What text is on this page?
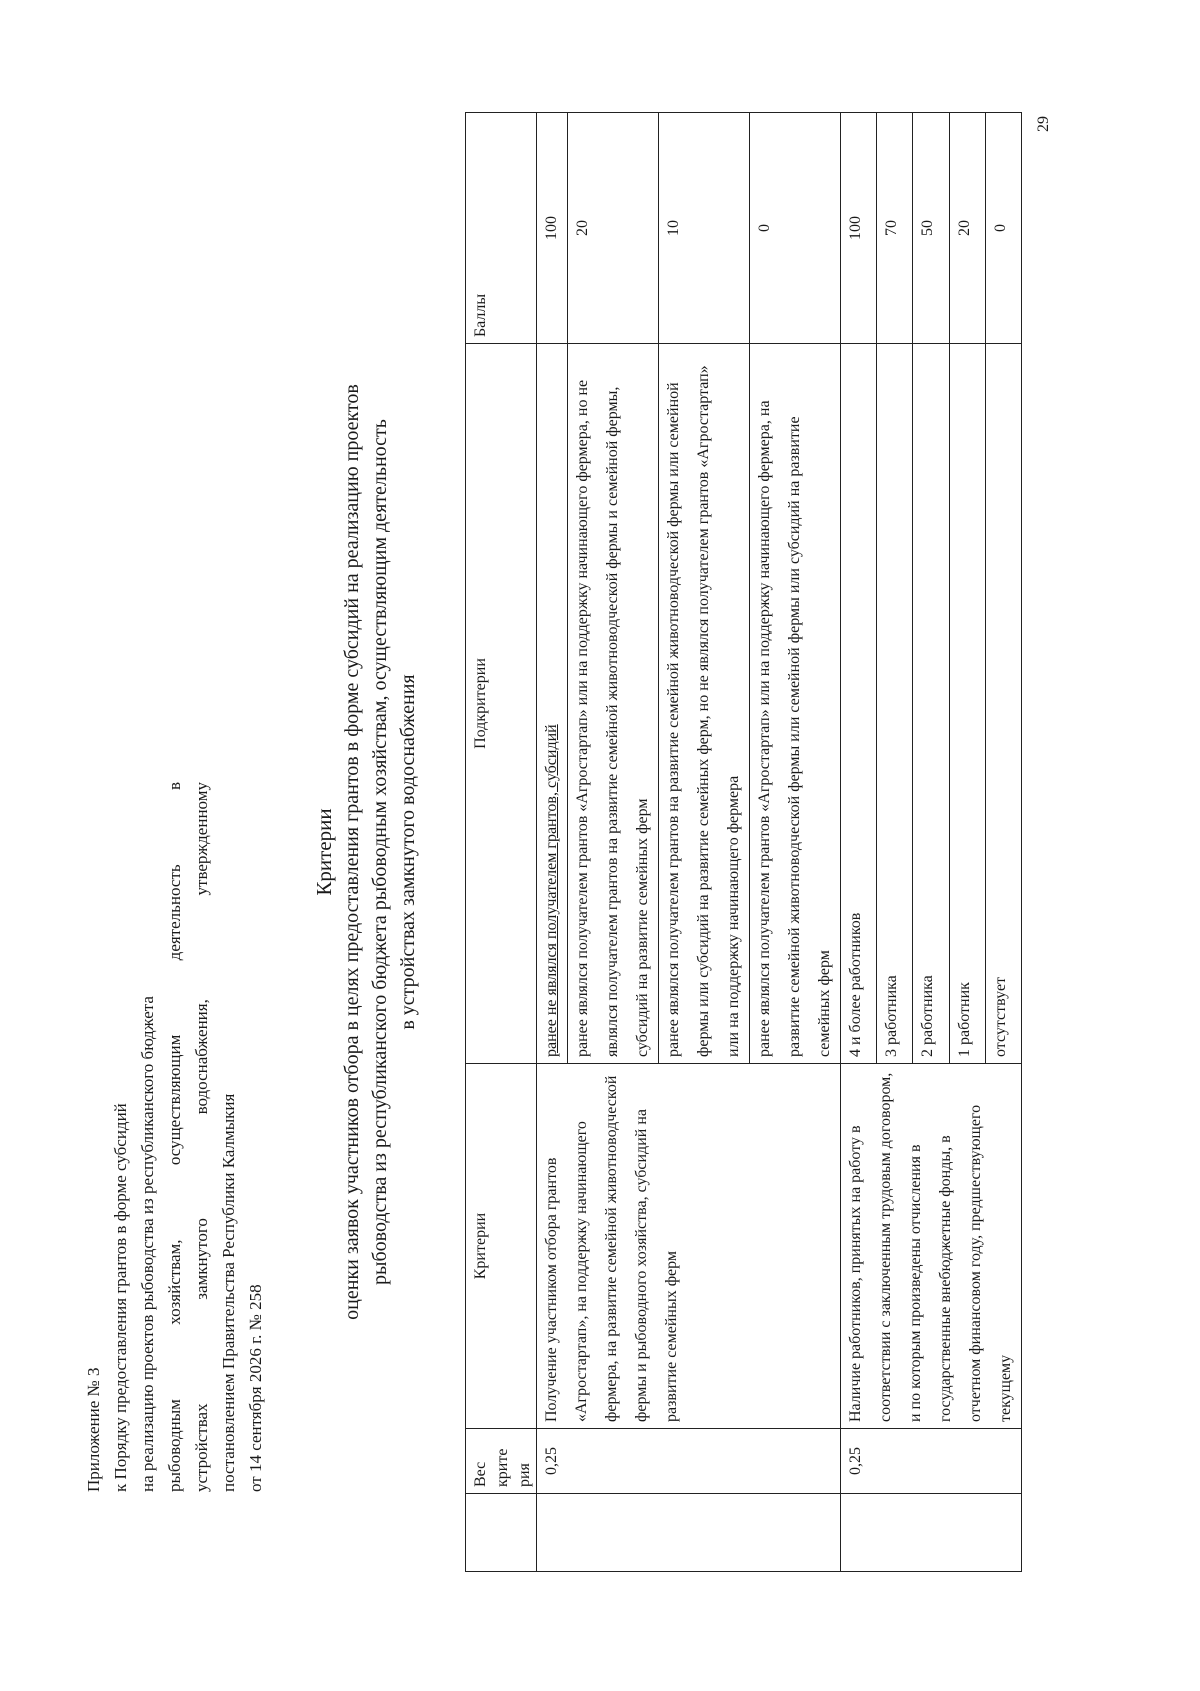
Приложение № 3 к Порядку предоставления грантов в форме субсидий на реализацию проектов рыбоводства из республиканского бюджета рыбоводным
хозяйствам,
осуществляющим
деятельность
в
устройствах
замкнутого
водоснабжения,
утвержденному
постановлением Правительства Республики Калмыкия от 14 сентября 2026 г. № 258
Критерии оценки заявок участников отбора в целях предоставления грантов в форме субсидий на реализацию проектов рыбоводства из республиканского бюджета рыбоводным хозяйствам, осуществляющим деятельность в устройствах замкнутого водоснабжения
	Вес крите рия	Критерии	Подкритерии	Баллы
	0,25	Получение участником отбора грантов «Агростартап», на поддержку начинающего фермера, на развитие семейной животноводческой фермы и рыбоводного хозяйства, субсидий на развитие семейных ферм	ранее не являлся получателем грантов, субсидий	100
			ранее являлся получателем грантов «Агростартап» или на поддержку начинающего фермера, но не являлся получателем грантов на развитие семейной животноводческой фермы и семейной фермы, субсидий на развитие семейных ферм	20
			ранее являлся получателем грантов на развитие семейной животноводческой фермы или семейной фермы или субсидий на развитие семейных ферм, но не являлся получателем грантов «Агростартап» или на поддержку начинающего фермера	10
			ранее являлся получателем грантов «Агростартап» или на поддержку начинающего фермера, на развитие семейной животноводческой фермы или семейной фермы или субсидий на развитие семейных ферм	0
	0,25	Наличие работников, принятых на работу в соответствии с заключенным трудовым договором, и по которым произведены отчисления в государственные внебюджетные фонды, в отчетном финансовом году, предшествующего текущему	4 и более работников	100
			3 работника	70
			2 работника	50
			1 работник	20
			отсутствует	0
29
